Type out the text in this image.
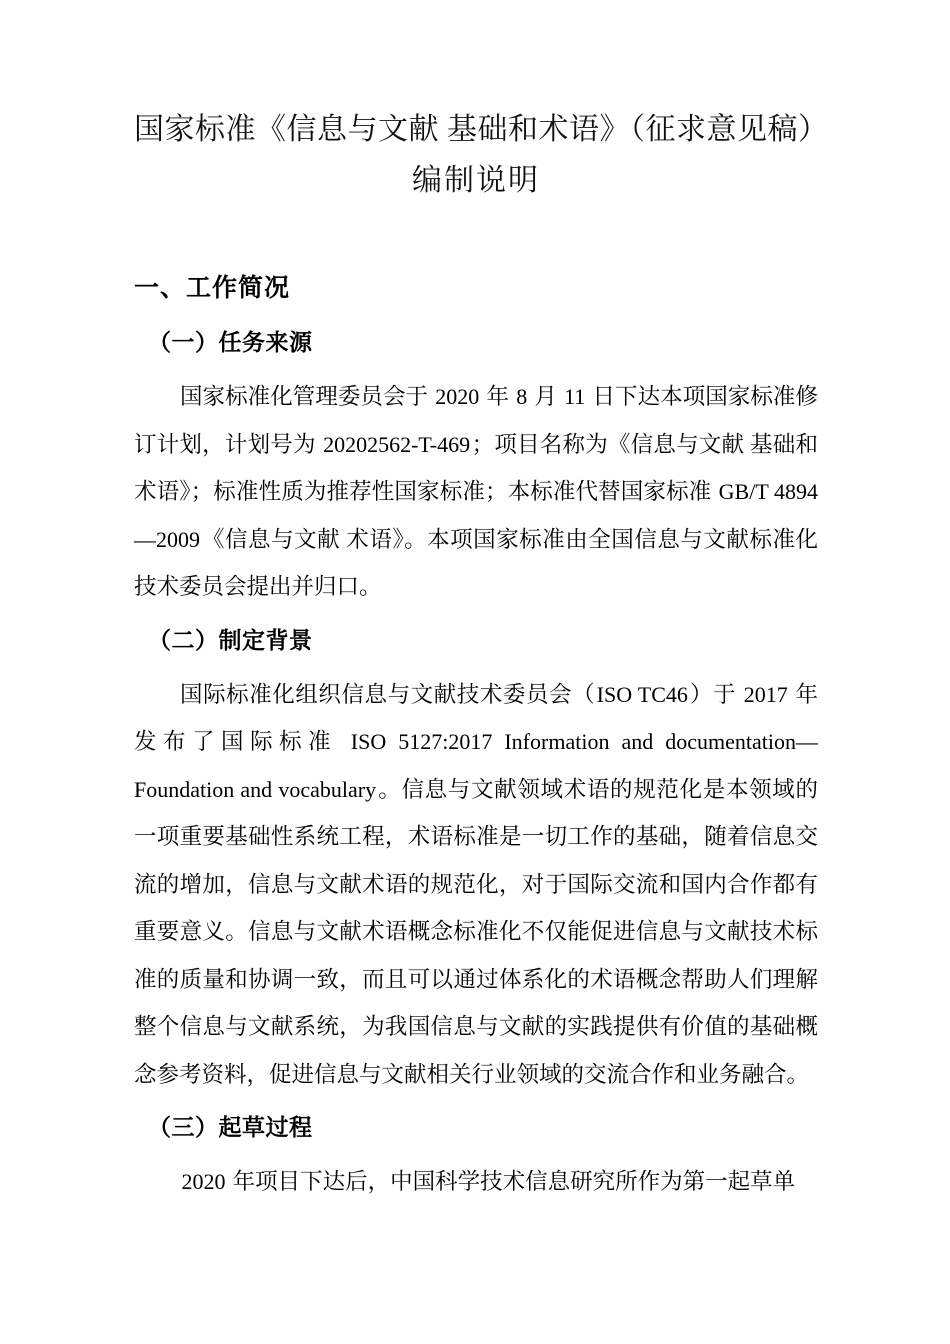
国家标准《信息与文献 基础和术语》（征求意见稿）
编制说明
一、工作简况
（一）任务来源

国家标准化管理委员会于 2020 年 8 月 11 日下达本项国家标准修订计划，计划号为 20202562-T-469；项目名称为《信息与文献 基础和术语》；标准性质为推荐性国家标准；本标准代替国家标准 GB/T 4894—2009《信息与文献 术语》。本项国家标准由全国信息与文献标准化技术委员会提出并归口。

（二）制定背景

国际标准化组织信息与文献技术委员会（ISO TC46）于 2017 年发布了国际标准 ISO 5127:2017 Information and documentation—Foundation and vocabulary。信息与文献领域术语的规范化是本领域的一项重要基础性系统工程，术语标准是一切工作的基础，随着信息交流的增加，信息与文献术语的规范化，对于国际交流和国内合作都有重要意义。信息与文献术语概念标准化不仅能促进信息与文献技术标准的质量和协调一致，而且可以通过体系化的术语概念帮助人们理解整个信息与文献系统，为我国信息与文献的实践提供有价值的基础概念参考资料，促进信息与文献相关行业领域的交流合作和业务融合。

（三）起草过程

2020 年项目下达后，中国科学技术信息研究所作为第一起草单
